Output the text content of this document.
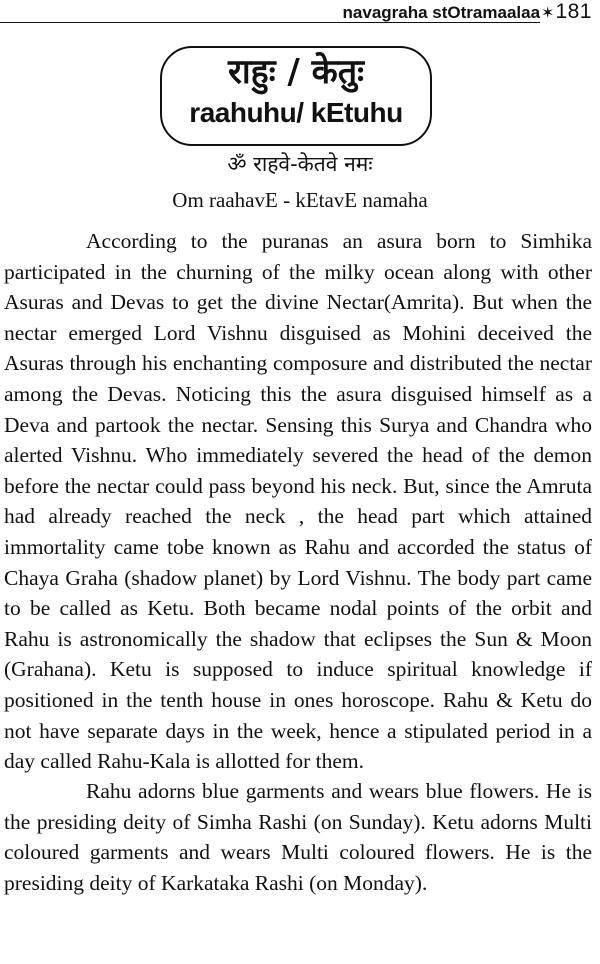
navagraha stOtramaalaa✶181
राहुः / केतुः
raahuhu/ kEtuhu
ॐ राहवे-केतवे नमः
Om raahavE - kEtavE namaha

According to the puranas an asura born to Simhika participated in the churning of the milky ocean along with other Asuras and Devas to get the divine Nectar(Amrita). But when the nectar emerged Lord Vishnu disguised as Mohini deceived the Asuras through his enchanting composure and distributed the nectar among the Devas. Noticing this the asura disguised himself as a Deva and partook the nectar. Sensing this Surya and Chandra who alerted Vishnu. Who immediately severed the head of the demon before the nectar could pass beyond his neck. But, since the Amruta had already reached the neck , the head part which attained immortality came tobe known as Rahu and accorded the status of Chaya Graha (shadow planet) by Lord Vishnu. The body part came to be called as Ketu. Both became nodal points of the orbit and Rahu is astronomically the shadow that eclipses the Sun & Moon (Grahana). Ketu is supposed to induce spiritual knowledge if positioned in the tenth house in ones horoscope. Rahu & Ketu do not have separate days in the week, hence a stipulated period in a day called Rahu-Kala is allotted for them.

Rahu adorns blue garments and wears blue flowers. He is the presiding deity of Simha Rashi (on Sunday). Ketu adorns Multi coloured garments and wears Multi coloured flowers. He is the presiding deity of Karkataka Rashi (on Monday).
